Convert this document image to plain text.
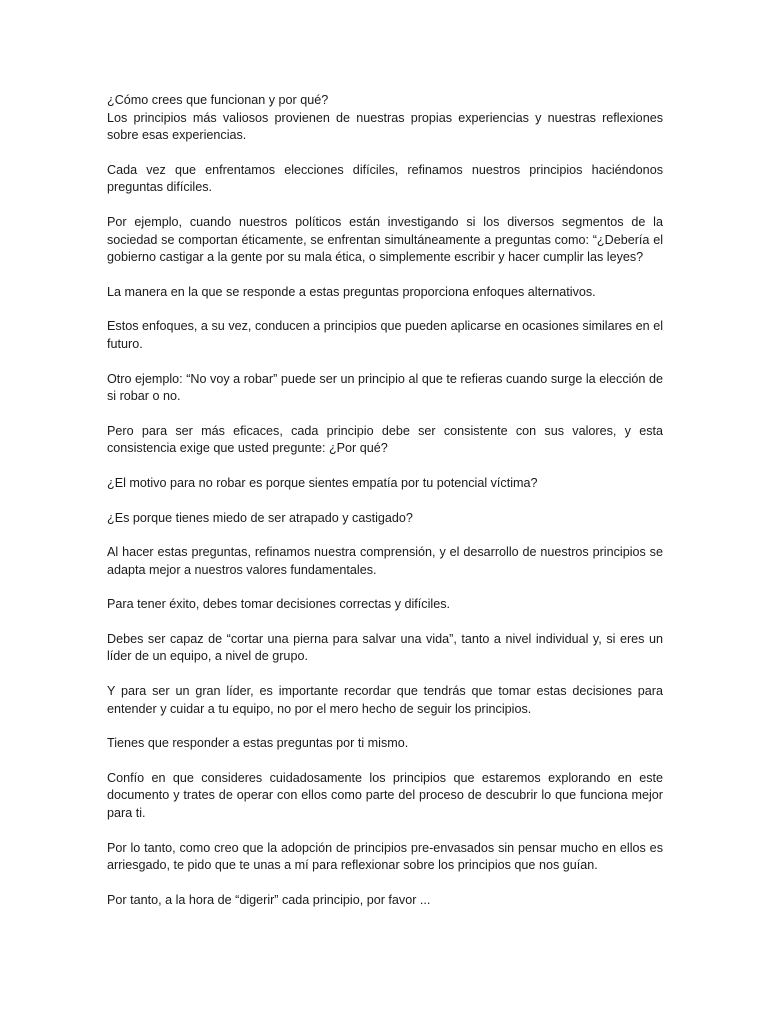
¿Cómo crees que funcionan y por qué?

Los principios más valiosos provienen de nuestras propias experiencias y nuestras reflexiones sobre esas experiencias.

Cada vez que enfrentamos elecciones difíciles, refinamos nuestros principios haciéndonos preguntas difíciles.

Por ejemplo, cuando nuestros políticos están investigando si los diversos segmentos de la sociedad se comportan éticamente, se enfrentan simultáneamente a preguntas como: “¿Debería el gobierno castigar a la gente por su mala ética, o simplemente escribir y hacer cumplir las leyes?

La manera en la que se responde a estas preguntas proporciona enfoques alternativos.

Estos enfoques, a su vez, conducen a principios que pueden aplicarse en ocasiones similares en el futuro.

Otro ejemplo: “No voy a robar” puede ser un principio al que te refieras cuando surge la elección de si robar o no.

Pero para ser más eficaces, cada principio debe ser consistente con sus valores, y esta consistencia exige que usted pregunte: ¿Por qué?

¿El motivo para no robar es porque sientes empatía por tu potencial víctima?

¿Es porque tienes miedo de ser atrapado y castigado?

Al hacer estas preguntas, refinamos nuestra comprensión, y el desarrollo de nuestros principios se adapta mejor a nuestros valores fundamentales.

Para tener éxito, debes tomar decisiones correctas y difíciles.

Debes ser capaz de “cortar una pierna para salvar una vida”, tanto a nivel individual y, si eres un líder de un equipo, a nivel de grupo.

Y para ser un gran líder, es importante recordar que tendrás que tomar estas decisiones para entender y cuidar a tu equipo, no por el mero hecho de seguir los principios.

Tienes que responder a estas preguntas por ti mismo.

Confío en que consideres cuidadosamente los principios que estaremos explorando en este documento y trates de operar con ellos como parte del proceso de descubrir lo que funciona mejor para ti.

Por lo tanto, como creo que la adopción de principios pre-envasados sin pensar mucho en ellos es arriesgado, te pido que te unas a mí para reflexionar sobre los principios que nos guían.

Por tanto, a la hora de “digerir” cada principio, por favor ...
